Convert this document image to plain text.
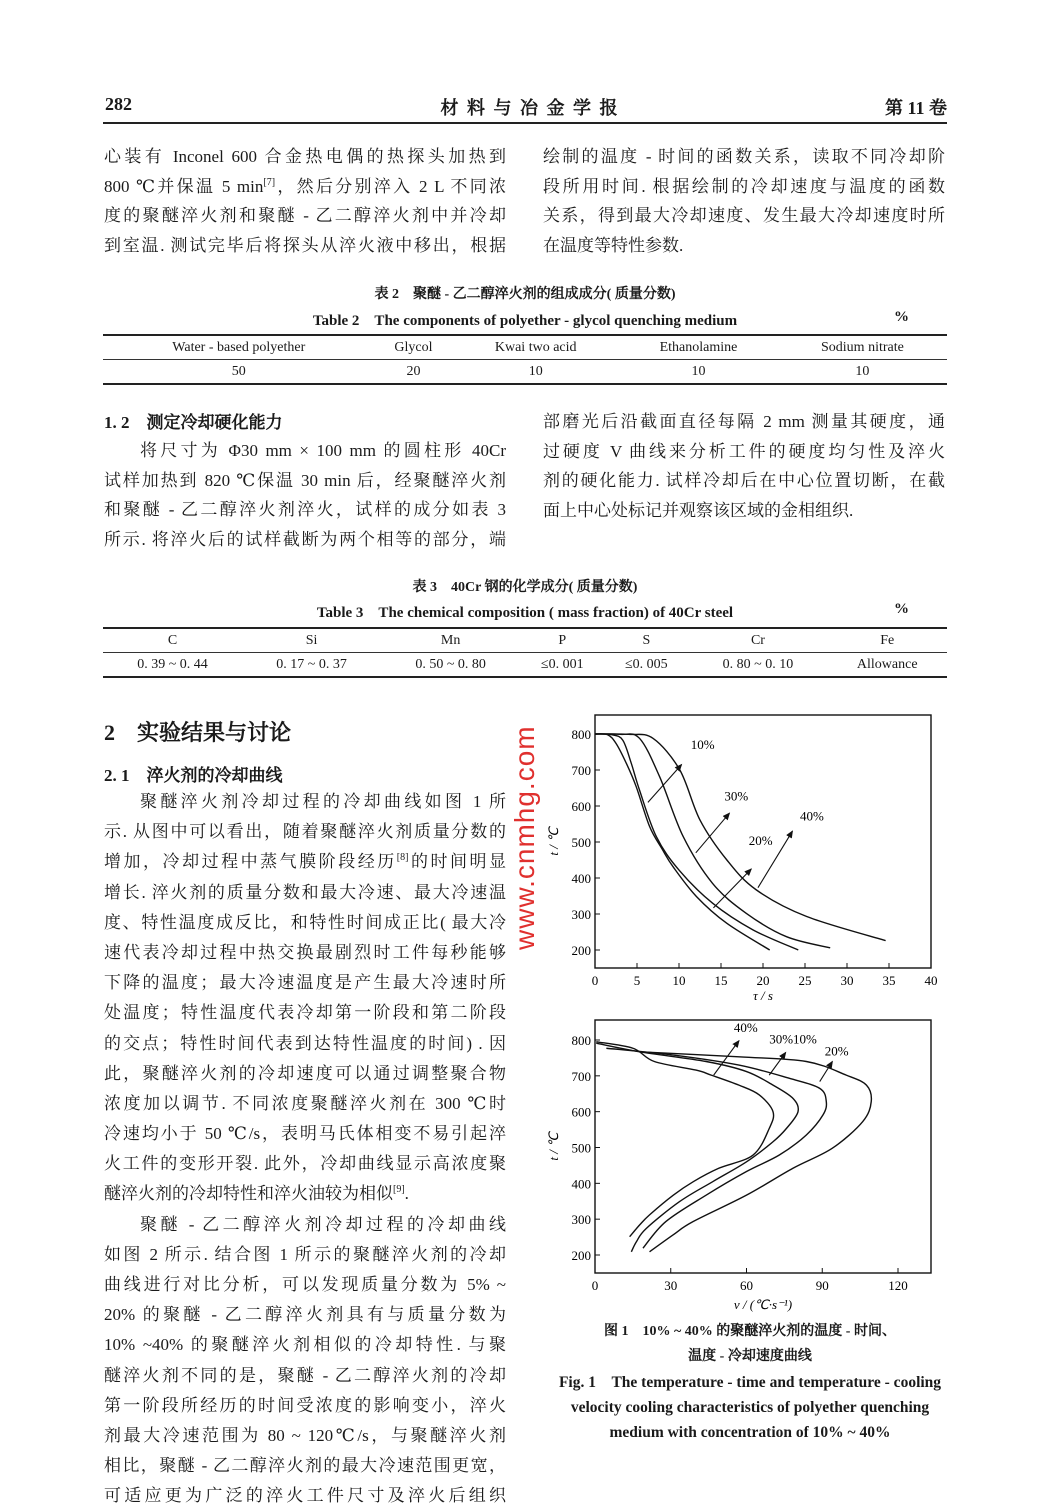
282	材 料 与 冶 金 学 报	第 11 卷
心装有 Inconel 600 合金热电偶的热探头加热到
800 ℃并保温 5 min[7]，然后分别淬入 2 L 不同浓
度的聚醚淬火剂和聚醚 - 乙二醇淬火剂中并冷却
到室温. 测试完毕后将探头从淬火液中移出，根据
绘制的温度 - 时间的函数关系，读取不同冷却阶
段所用时间. 根据绘制的冷却速度与温度的函数
关系，得到最大冷却速度、发生最大冷却速度时所
在温度等特性参数.
表 2　聚醚 - 乙二醇淬火剂的组成成分( 质量分数)
Table 2　The components of polyether - glycol quenching medium	%
Water - based polyether	Glycol	Kwai two acid	Ethanolamine	Sodium nitrate
50	20	10	10	10
1. 2　测定冷却硬化能力
将尺寸为 Φ30 mm × 100 mm 的圆柱形 40Cr
试样加热到 820 ℃保温 30 min 后，经聚醚淬火剂
和聚醚 - 乙二醇淬火剂淬火，试样的成分如表 3
所示. 将淬火后的试样截断为两个相等的部分，端
部磨光后沿截面直径每隔 2 mm 测量其硬度，通
过硬度 V 曲线来分析工件的硬度均匀性及淬火
剂的硬化能力. 试样冷却后在中心位置切断，在截
面上中心处标记并观察该区域的金相组织.
表 3　40Cr 钢的化学成分( 质量分数)
Table 3　The chemical composition ( mass fraction) of 40Cr steel	%
C	Si	Mn	P	S	Cr	Fe
0. 39 ~ 0. 44	0. 17 ~ 0. 37	0. 50 ~ 0. 80	≤0. 001	≤0. 005	0. 80 ~ 0. 10	Allowance
2　实验结果与讨论
2. 1　淬火剂的冷却曲线
聚醚淬火剂冷却过程的冷却曲线如图 1 所
示. 从图中可以看出，随着聚醚淬火剂质量分数的
增加，冷却过程中蒸气膜阶段经历[8]的时间明显
增长. 淬火剂的质量分数和最大冷速、最大冷速温
度、特性温度成反比，和特性时间成正比( 最大冷
速代表冷却过程中热交换最剧烈时工件每秒能够
下降的温度；最大冷速温度是产生最大冷速时所
处温度；特性温度代表冷却第一阶段和第二阶段
的交点；特性时间代表到达特性温度的时间) . 因
此，聚醚淬火剂的冷却速度可以通过调整聚合物
浓度加以调节. 不同浓度聚醚淬火剂在 300 ℃时
冷速均小于 50 ℃/s，表明马氏体相变不易引起淬
火工件的变形开裂. 此外，冷却曲线显示高浓度聚
醚淬火剂的冷却特性和淬火油较为相似[9].
聚醚 - 乙二醇淬火剂冷却过程的冷却曲线
如图 2 所示. 结合图 1 所示的聚醚淬火剂的冷却
曲线进行对比分析，可以发现质量分数为 5% ~
20% 的聚醚 - 乙二醇淬火剂具有与质量分数为
10% ~40% 的聚醚淬火剂相似的冷却特性. 与聚
醚淬火剂不同的是，聚醚 - 乙二醇淬火剂的冷却
第一阶段所经历的时间受浓度的影响变小，淬火
剂最大冷速范围为 80 ~ 120℃/s，与聚醚淬火剂
相比，聚醚 - 乙二醇淬火剂的最大冷速范围更宽，
可适应更为广泛的淬火工件尺寸及淬火后组织
0	5 10 15 20 25 30 35 40
200
300
400
500
600
700
800
τ / s
t / ℃
10%
30%
20%
40%
0	30	60	90	120
200
300
400
500
600
700
800
v / (℃·s⁻¹)
t / ℃
40%
30%10%
20%
图 1　10% ~ 40% 的聚醚淬火剂的温度 - 时间、
温度 - 冷却速度曲线
Fig. 1　The temperature - time and temperature - cooling
velocity cooling characteristics of polyether quenching
medium with concentration of 10% ~ 40%
www.cnmhg.com
